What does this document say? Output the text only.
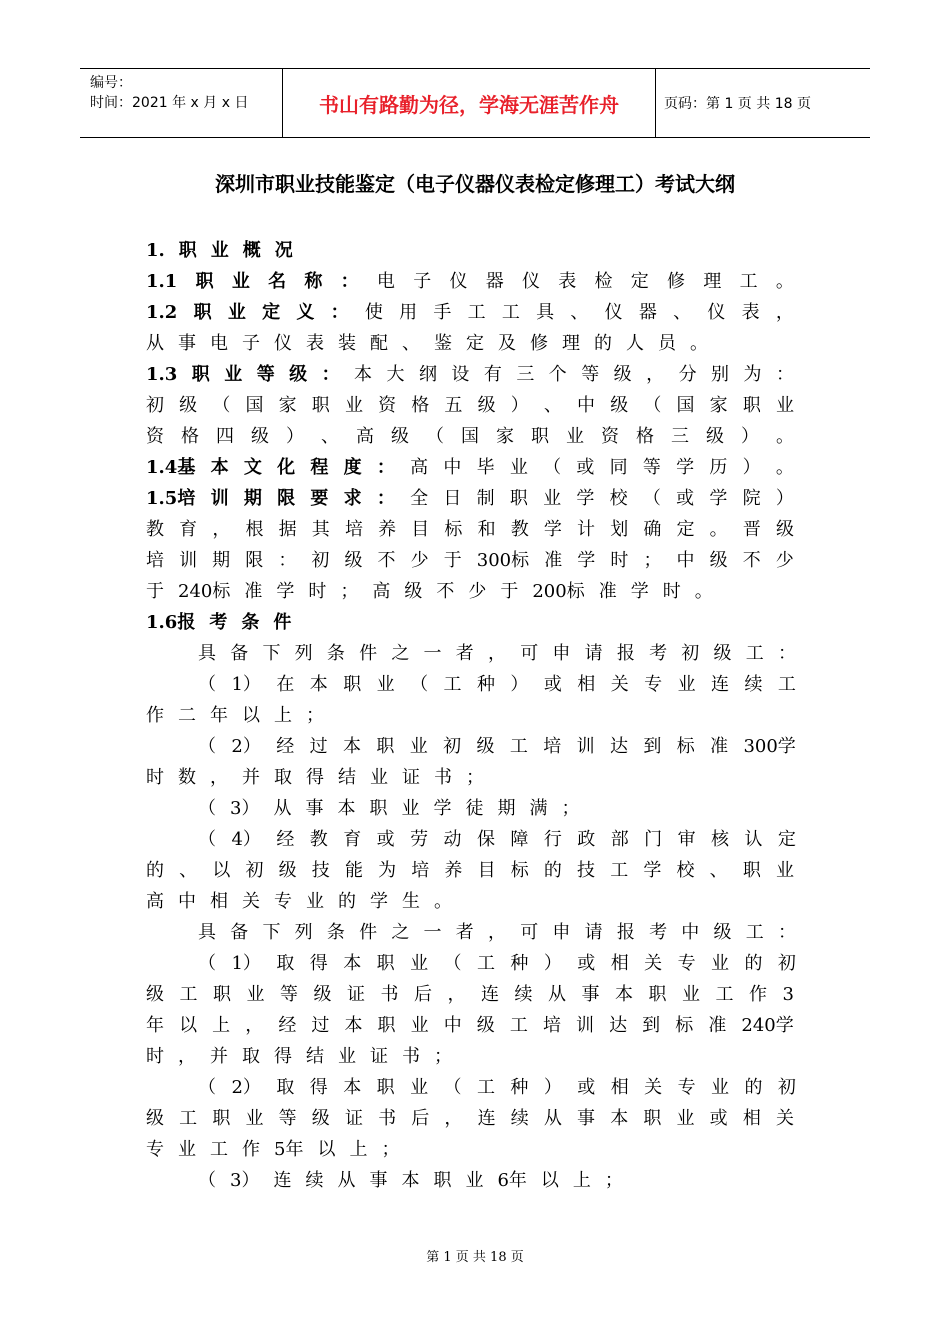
编号：
时间：2021 年 x 月 x 日	书山有路勤为径，学海无涯苦作舟	页码：第 1 页 共 18 页
深圳市职业技能鉴定（电子仪器仪表检定修理工）考试大纲
1. 职 业 概 况
1.1 职 业 名 称 ： 电 子 仪 器 仪 表 检 定 修 理 工 。
1.2 职 业 定 义 ： 使 用 手 工 工 具 、 仪 器 、 仪 表 ，
从 事 电 子 仪 表 装 配 、 鉴 定 及 修 理 的 人 员 。
1.3 职 业 等 级 ： 本 大 纲 设 有 三 个 等 级 ， 分 别 为 ：
初 级 （ 国 家 职 业 资 格 五 级 ） 、 中 级 （ 国 家 职 业
资 格 四 级 ） 、 高 级 （ 国 家 职 业 资 格 三 级 ） 。
1.4基 本 文 化 程 度 ： 高 中 毕 业 （ 或 同 等 学 历 ） 。
1.5培 训 期 限 要 求 ： 全 日 制 职 业 学 校 （ 或 学 院 ）
教 育 ， 根 据 其 培 养 目 标 和 教 学 计 划 确 定 。 晋 级
培 训 期 限 ： 初 级 不 少 于 300标 准 学 时 ； 中 级 不 少
于 240标 准 学 时 ； 高 级 不 少 于 200标 准 学 时 。
1.6报 考 条 件
具 备 下 列 条 件 之 一 者 ， 可 申 请 报 考 初 级 工 ：
（ 1） 在 本 职 业 （ 工 种 ） 或 相 关 专 业 连 续 工
作 二 年 以 上 ；
（ 2） 经 过 本 职 业 初 级 工 培 训 达 到 标 准 300学
时 数 ， 并 取 得 结 业 证 书 ；
（ 3） 从 事 本 职 业 学 徒 期 满 ；
（ 4） 经 教 育 或 劳 动 保 障 行 政 部 门 审 核 认 定
的 、 以 初 级 技 能 为 培 养 目 标 的 技 工 学 校 、 职 业
高 中 相 关 专 业 的 学 生 。
具 备 下 列 条 件 之 一 者 ， 可 申 请 报 考 中 级 工 ：
（ 1） 取 得 本 职 业 （ 工 种 ） 或 相 关 专 业 的 初
级 工 职 业 等 级 证 书 后 ， 连 续 从 事 本 职 业 工 作 3
年 以 上 ， 经 过 本 职 业 中 级 工 培 训 达 到 标 准 240学
时 ， 并 取 得 结 业 证 书 ；
（ 2） 取 得 本 职 业 （ 工 种 ） 或 相 关 专 业 的 初
级 工 职 业 等 级 证 书 后 ， 连 续 从 事 本 职 业 或 相 关
专 业 工 作 5年 以 上 ；
（ 3） 连 续 从 事 本 职 业 6年 以 上 ；
第 1 页 共 18 页
